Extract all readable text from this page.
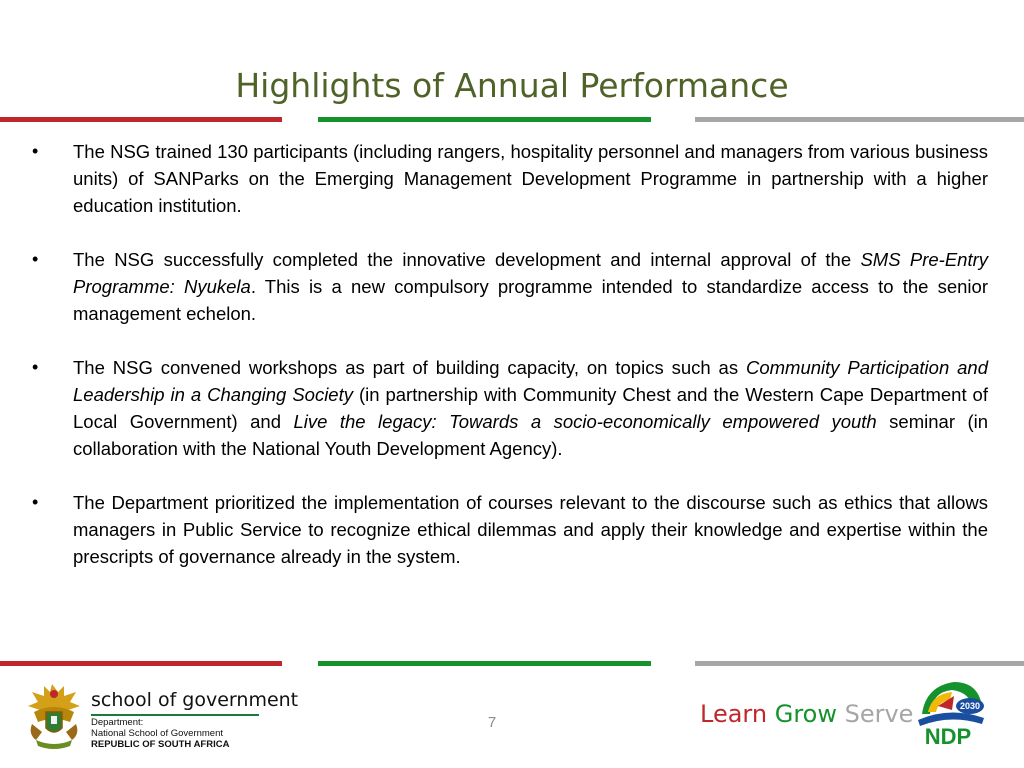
Highlights of Annual Performance
• The NSG trained 130 participants (including rangers, hospitality personnel and managers from various business units) of SANParks on the Emerging Management Development Programme in partnership with a higher education institution.
• The NSG successfully completed the innovative development and internal approval of the SMS Pre-Entry Programme: Nyukela. This is a new compulsory programme intended to standardize access to the senior management echelon.
• The NSG convened workshops as part of building capacity, on topics such as Community Participation and Leadership in a Changing Society (in partnership with Community Chest and the Western Cape Department of Local Government) and Live the legacy: Towards a socio-economically empowered youth seminar (in collaboration with the National Youth Development Agency).
• The Department prioritized the implementation of courses relevant to the discourse such as ethics that allows managers in Public Service to recognize ethical dilemmas and apply their knowledge and expertise within the prescripts of governance already in the system.
school of government
Department:
National School of Government
REPUBLIC OF SOUTH AFRICA
7	Learn Grow Serve	2030
NDP
